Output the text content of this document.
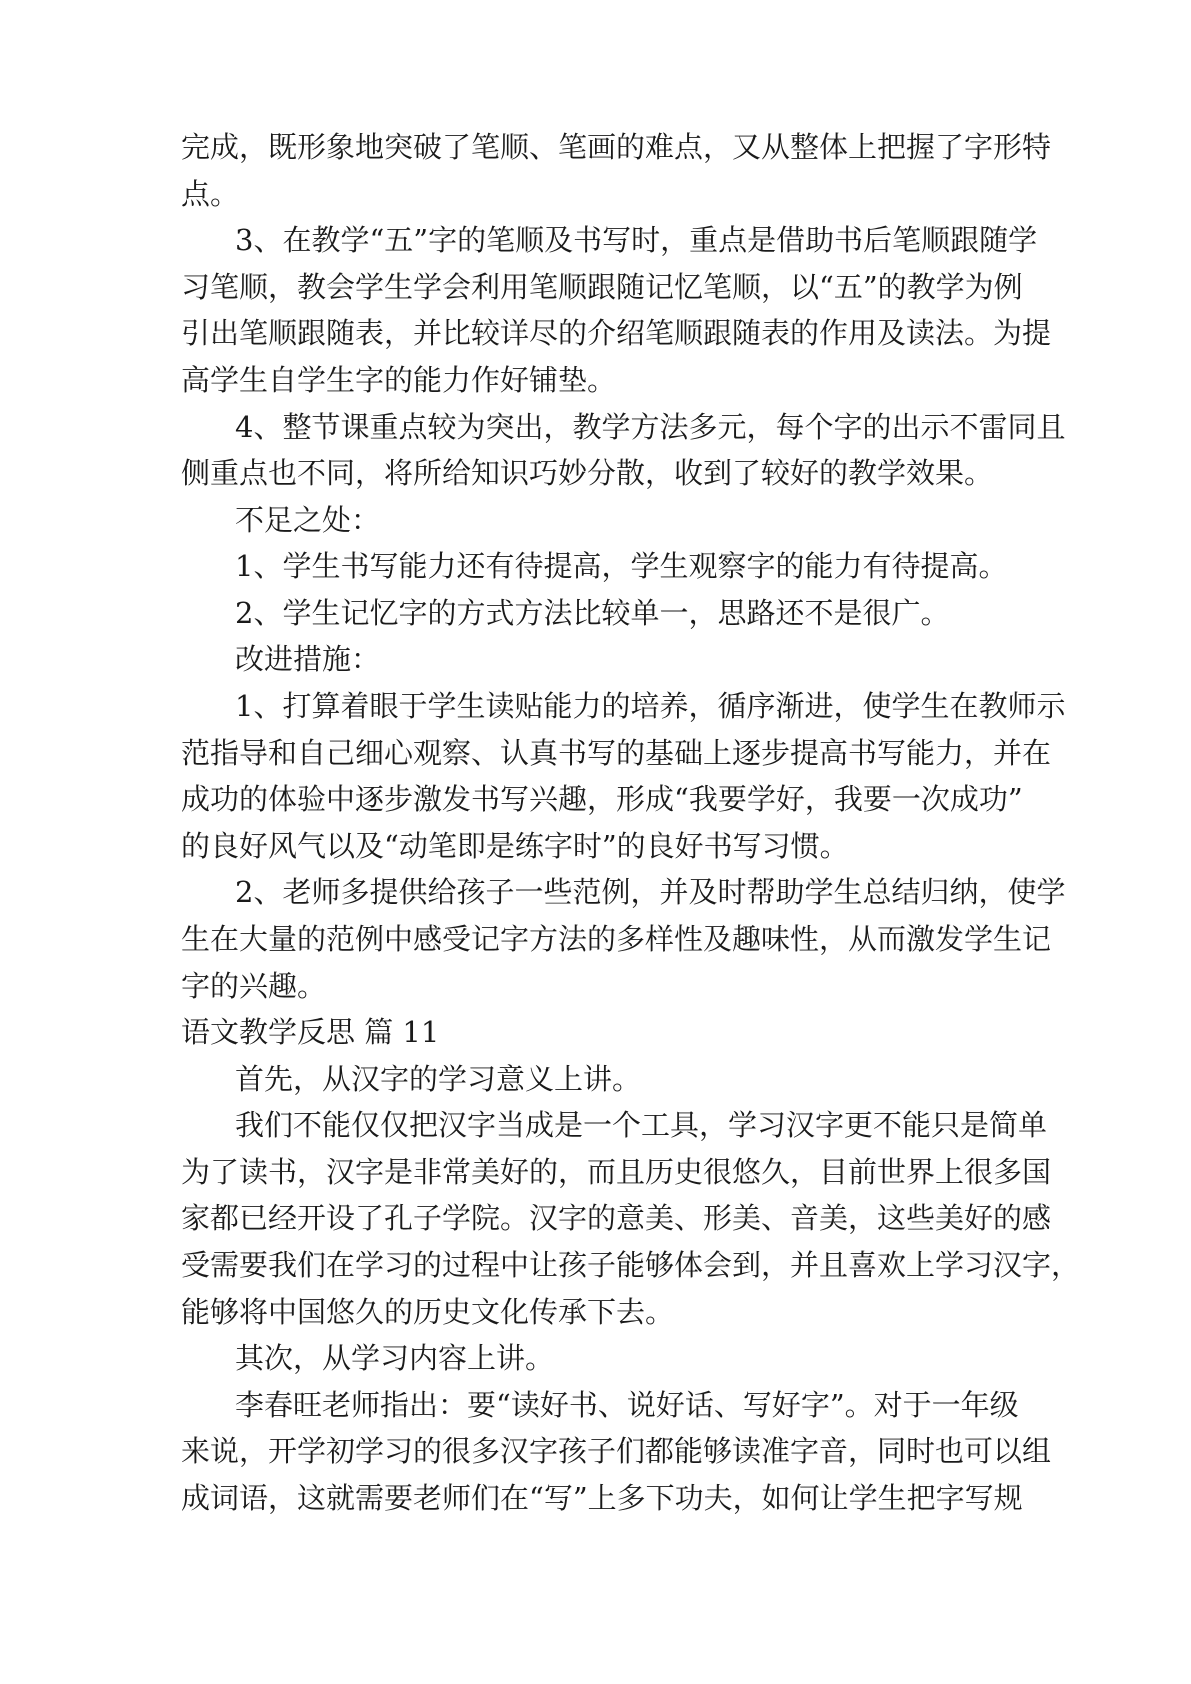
完成，既形象地突破了笔顺、笔画的难点，又从整体上把握了字形特
点。
3、在教学“五”字的笔顺及书写时，重点是借助书后笔顺跟随学
习笔顺，教会学生学会利用笔顺跟随记忆笔顺，以“五”的教学为例
引出笔顺跟随表，并比较详尽的介绍笔顺跟随表的作用及读法。为提
高学生自学生字的能力作好铺垫。
4、整节课重点较为突出，教学方法多元，每个字的出示不雷同且
侧重点也不同，将所给知识巧妙分散，收到了较好的教学效果。
不足之处：
1、学生书写能力还有待提高，学生观察字的能力有待提高。
2、学生记忆字的方式方法比较单一，思路还不是很广。
改进措施：
1、打算着眼于学生读贴能力的培养，循序渐进，使学生在教师示
范指导和自己细心观察、认真书写的基础上逐步提高书写能力，并在
成功的体验中逐步激发书写兴趣，形成“我要学好，我要一次成功”
的良好风气以及“动笔即是练字时”的良好书写习惯。
2、老师多提供给孩子一些范例，并及时帮助学生总结归纳，使学
生在大量的范例中感受记字方法的多样性及趣味性，从而激发学生记
字的兴趣。
语文教学反思 篇 11
首先，从汉字的学习意义上讲。
我们不能仅仅把汉字当成是一个工具，学习汉字更不能只是简单
为了读书，汉字是非常美好的，而且历史很悠久，目前世界上很多国
家都已经开设了孔子学院。汉字的意美、形美、音美，这些美好的感
受需要我们在学习的过程中让孩子能够体会到，并且喜欢上学习汉字，
能够将中国悠久的历史文化传承下去。
其次，从学习内容上讲。
李春旺老师指出：要“读好书、说好话、写好字”。对于一年级
来说，开学初学习的很多汉字孩子们都能够读准字音，同时也可以组
成词语，这就需要老师们在“写”上多下功夫，如何让学生把字写规
